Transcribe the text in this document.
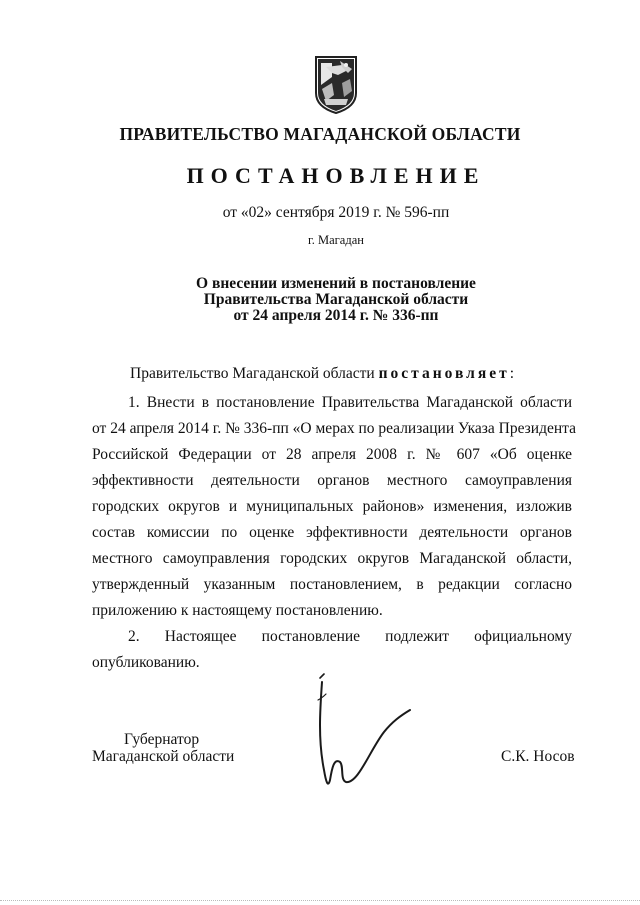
ПРАВИТЕЛЬСТВО МАГАДАНСКОЙ ОБЛАСТИ
ПОСТАНОВЛЕНИЕ
от «02» сентября 2019 г. № 596-пп
г. Магадан
О внесении изменений в постановление
Правительства Магаданской области
от 24 апреля 2014 г. № 336-пп
Правительство Магаданской области постановляет:
1. Внести в постановление Правительства Магаданской области
от 24 апреля 2014 г. № 336-пп «О мерах по реализации Указа Президента
Российской Федерации от 28 апреля 2008 г. № 607 «Об оценке
эффективности деятельности органов местного самоуправления
городских округов и муниципальных районов» изменения, изложив
состав комиссии по оценке эффективности деятельности органов
местного самоуправления городских округов Магаданской области,
утвержденный указанным постановлением, в редакции согласно
приложению к настоящему постановлению.
2. Настоящее постановление подлежит официальному
опубликованию.
Губернатор
Магаданской области	С.К. Носов
